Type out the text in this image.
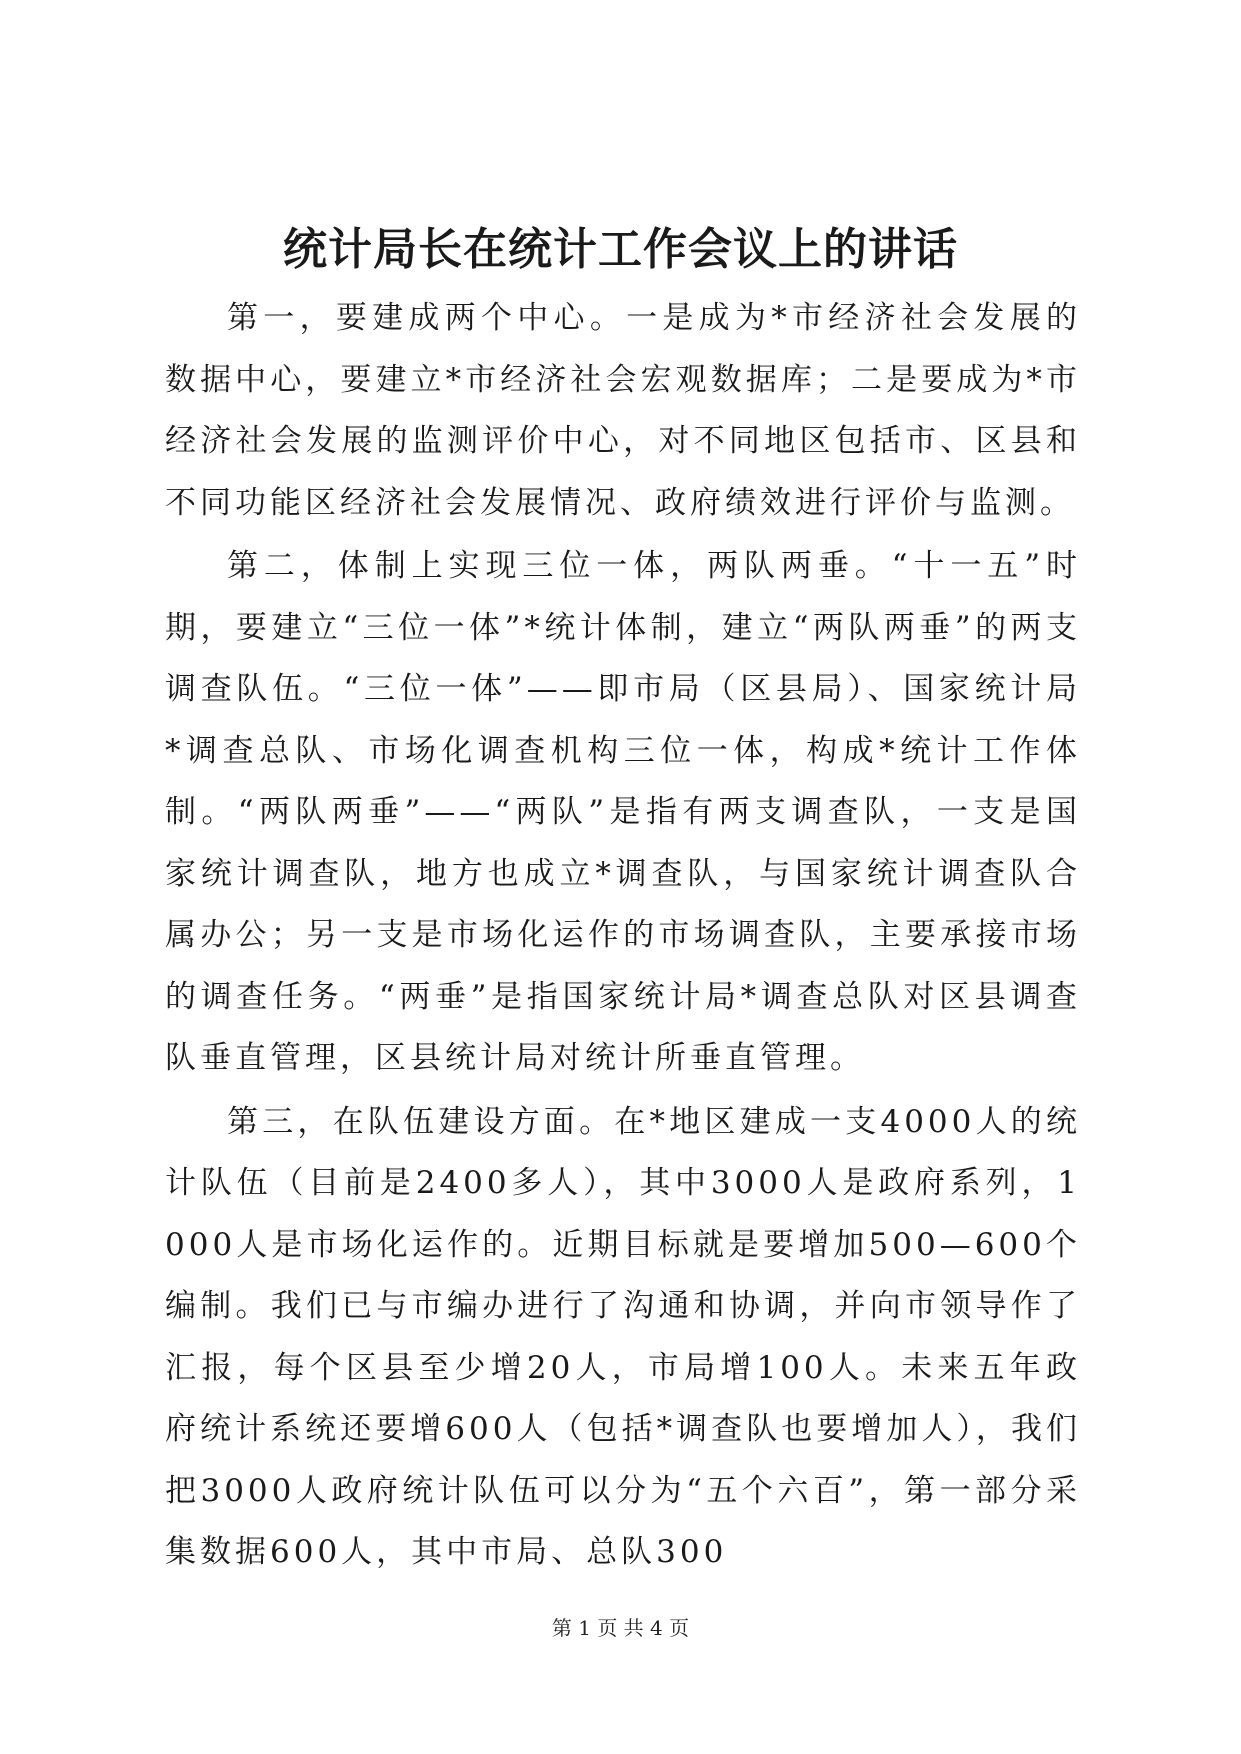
统计局长在统计工作会议上的讲话

第一，要建成两个中心。一是成为*市经济社会发展的数据中心，要建立*市经济社会宏观数据库；二是要成为*市经济社会发展的监测评价中心，对不同地区包括市、区县和不同功能区经济社会发展情况、政府绩效进行评价与监测。

第二，体制上实现三位一体，两队两垂。“十一五”时期，要建立“三位一体”*统计体制，建立“两队两垂”的两支调查队伍。“三位一体”——即市局（区县局）、国家统计局*调查总队、市场化调查机构三位一体，构成*统计工作体制。“两队两垂”——“两队”是指有两支调查队，一支是国家统计调查队，地方也成立*调查队，与国家统计调查队合属办公；另一支是市场化运作的市场调查队，主要承接市场的调查任务。“两垂”是指国家统计局*调查总队对区县调查队垂直管理，区县统计局对统计所垂直管理。

第三，在队伍建设方面。在*地区建成一支4000人的统计队伍（目前是2400多人），其中3000人是政府系列，1000人是市场化运作的。近期目标就是要增加500—600个编制。我们已与市编办进行了沟通和协调，并向市领导作了汇报，每个区县至少增20人，市局增100人。未来五年政府统计系统还要增600人（包括*调查队也要增加人），我们把3000人政府统计队伍可以分为“五个六百”，第一部分采集数据600人，其中市局、总队300

第 1 页 共 4 页
